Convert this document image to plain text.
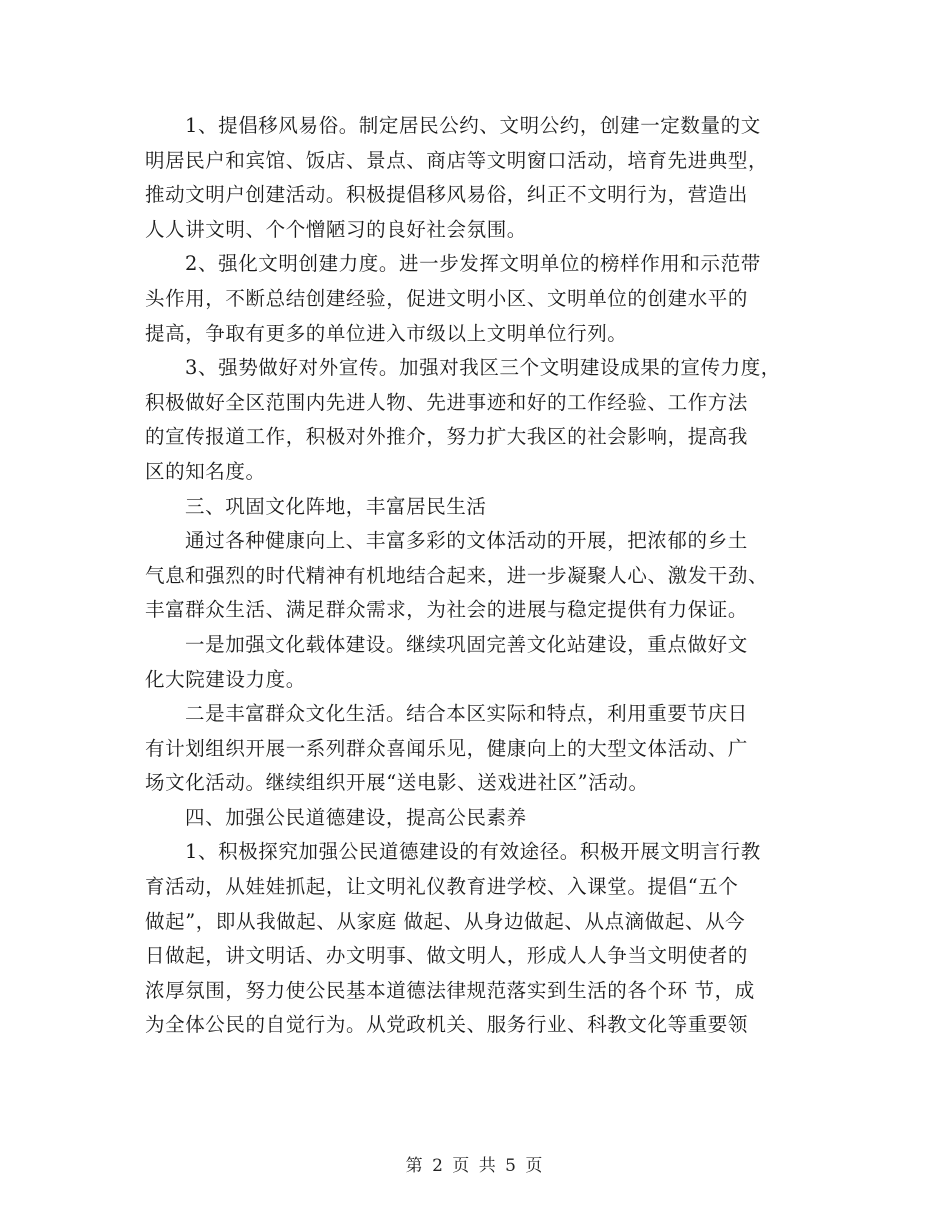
1、提倡移风易俗。制定居民公约、文明公约，创建一定数量的文
明居民户和宾馆、饭店、景点、商店等文明窗口活动，培育先进典型，
推动文明户创建活动。积极提倡移风易俗，纠正不文明行为，营造出
人人讲文明、个个憎陋习的良好社会氛围。
2、强化文明创建力度。进一步发挥文明单位的榜样作用和示范带
头作用，不断总结创建经验，促进文明小区、文明单位的创建水平的
提高，争取有更多的单位进入市级以上文明单位行列。
3、强势做好对外宣传。加强对我区三个文明建设成果的宣传力度，
积极做好全区范围内先进人物、先进事迹和好的工作经验、工作方法
的宣传报道工作，积极对外推介，努力扩大我区的社会影响，提高我
区的知名度。
三、巩固文化阵地，丰富居民生活
通过各种健康向上、丰富多彩的文体活动的开展，把浓郁的乡土
气息和强烈的时代精神有机地结合起来，进一步凝聚人心、激发干劲、
丰富群众生活、满足群众需求，为社会的进展与稳定提供有力保证。
一是加强文化载体建设。继续巩固完善文化站建设，重点做好文
化大院建设力度。
二是丰富群众文化生活。结合本区实际和特点，利用重要节庆日
有计划组织开展一系列群众喜闻乐见，健康向上的大型文体活动、广
场文化活动。继续组织开展“送电影、送戏进社区”活动。
四、加强公民道德建设，提高公民素养
1、积极探究加强公民道德建设的有效途径。积极开展文明言行教
育活动，从娃娃抓起，让文明礼仪教育进学校、入课堂。提倡“五个
做起”，即从我做起、从家庭 做起、从身边做起、从点滴做起、从今
日做起，讲文明话、办文明事、做文明人，形成人人争当文明使者的
浓厚氛围，努力使公民基本道德法律规范落实到生活的各个环 节，成
为全体公民的自觉行为。从党政机关、服务行业、科教文化等重要领
第 2 页 共 5 页
